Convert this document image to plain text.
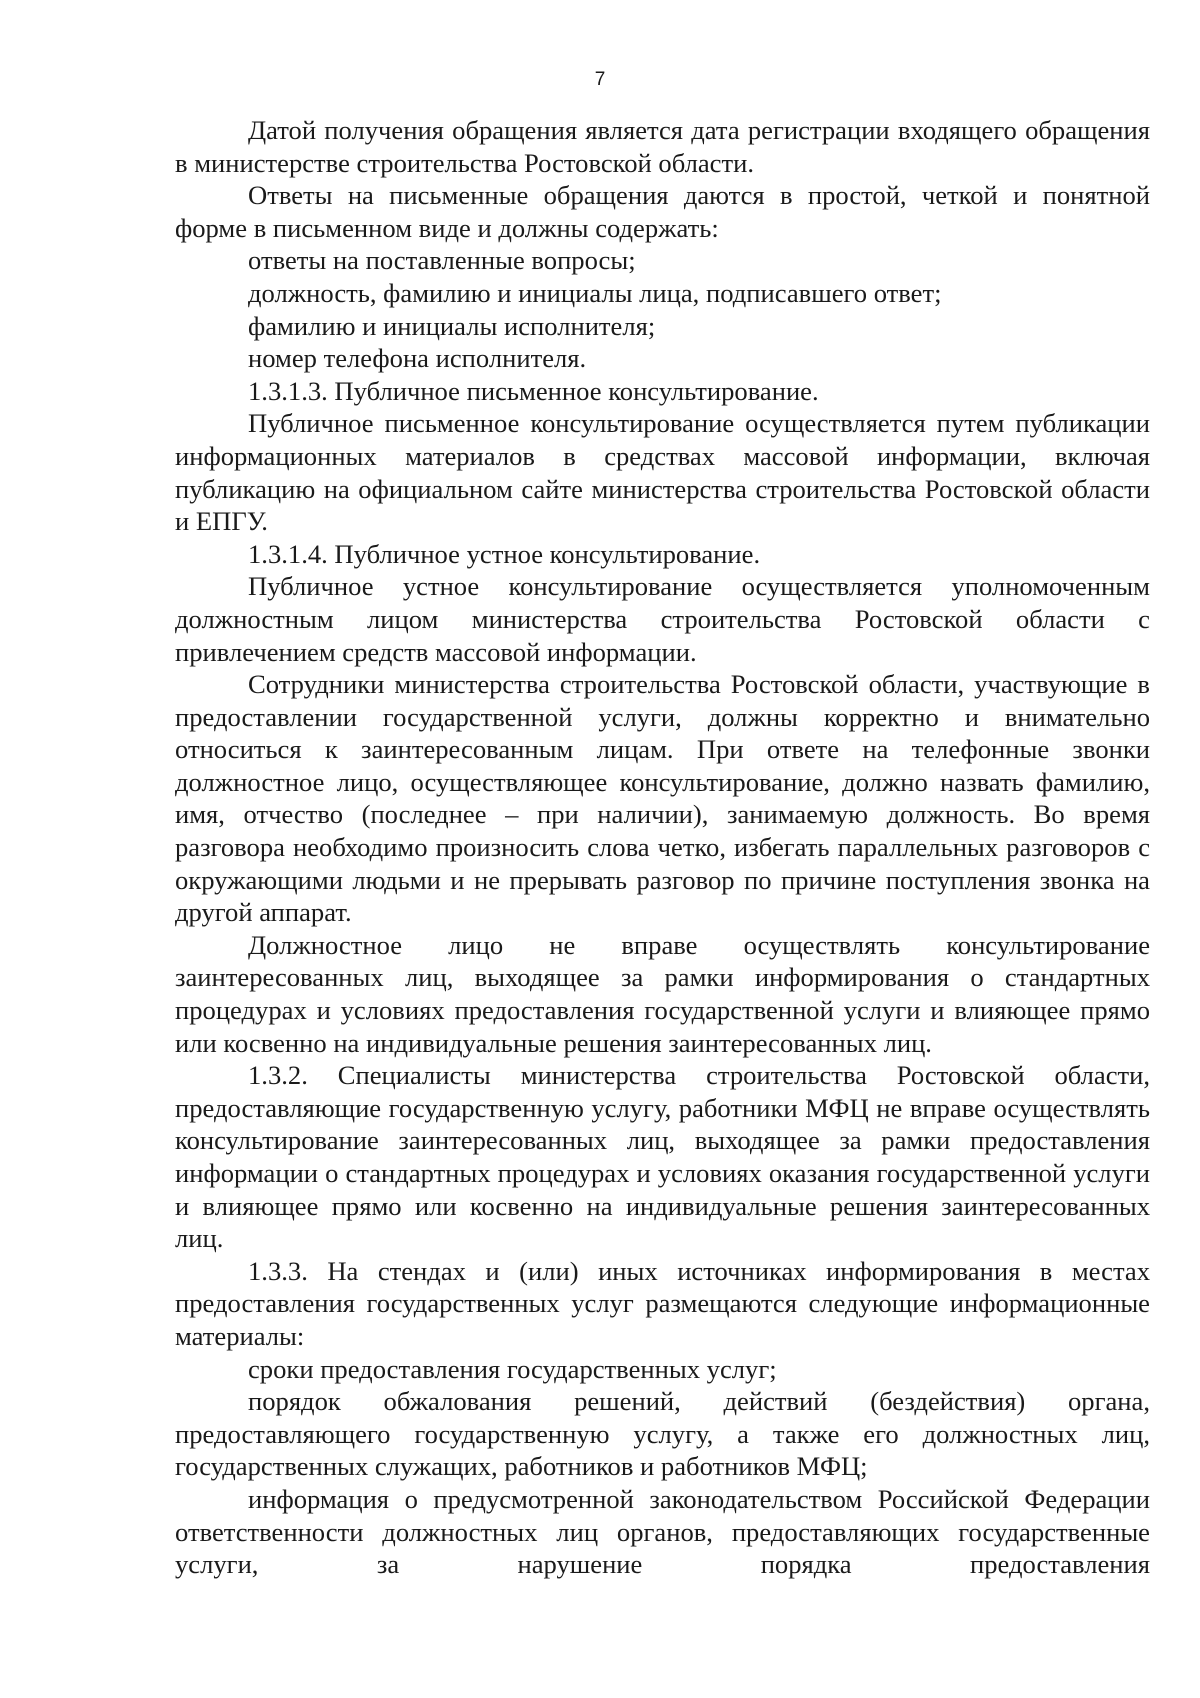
7

Датой получения обращения является дата регистрации входящего обращения в министерстве строительства Ростовской области.

Ответы на письменные обращения даются в простой, четкой и понятной форме в письменном виде и должны содержать:

ответы на поставленные вопросы;

должность, фамилию и инициалы лица, подписавшего ответ;

фамилию и инициалы исполнителя;

номер телефона исполнителя.

1.3.1.3. Публичное письменное консультирование.

Публичное письменное консультирование осуществляется путем публикации информационных материалов в средствах массовой информации, включая публикацию на официальном сайте министерства строительства Ростовской области и ЕПГУ.

1.3.1.4. Публичное устное консультирование.

Публичное устное консультирование осуществляется уполномоченным должностным лицом министерства строительства Ростовской области с привлечением средств массовой информации.

Сотрудники министерства строительства Ростовской области, участвующие в предоставлении государственной услуги, должны корректно и внимательно относиться к заинтересованным лицам. При ответе на телефонные звонки должностное лицо, осуществляющее консультирование, должно назвать фамилию, имя, отчество (последнее – при наличии), занимаемую должность. Во время разговора необходимо произносить слова четко, избегать параллельных разговоров с окружающими людьми и не прерывать разговор по причине поступления звонка на другой аппарат.

Должностное лицо не вправе осуществлять консультирование заинтересованных лиц, выходящее за рамки информирования о стандартных процедурах и условиях предоставления государственной услуги и влияющее прямо или косвенно на индивидуальные решения заинтересованных лиц.

1.3.2. Специалисты министерства строительства Ростовской области, предоставляющие государственную услугу, работники МФЦ не вправе осуществлять консультирование заинтересованных лиц, выходящее за рамки предоставления информации о стандартных процедурах и условиях оказания государственной услуги и влияющее прямо или косвенно на индивидуальные решения заинтересованных лиц.

1.3.3. На стендах и (или) иных источниках информирования в местах предоставления государственных услуг размещаются следующие информационные материалы:

сроки предоставления государственных услуг;

порядок обжалования решений, действий (бездействия) органа, предоставляющего государственную услугу, а также его должностных лиц, государственных служащих, работников и работников МФЦ;

информация о предусмотренной законодательством Российской Федерации ответственности должностных лиц органов, предоставляющих государственные услуги, за нарушение порядка предоставления
